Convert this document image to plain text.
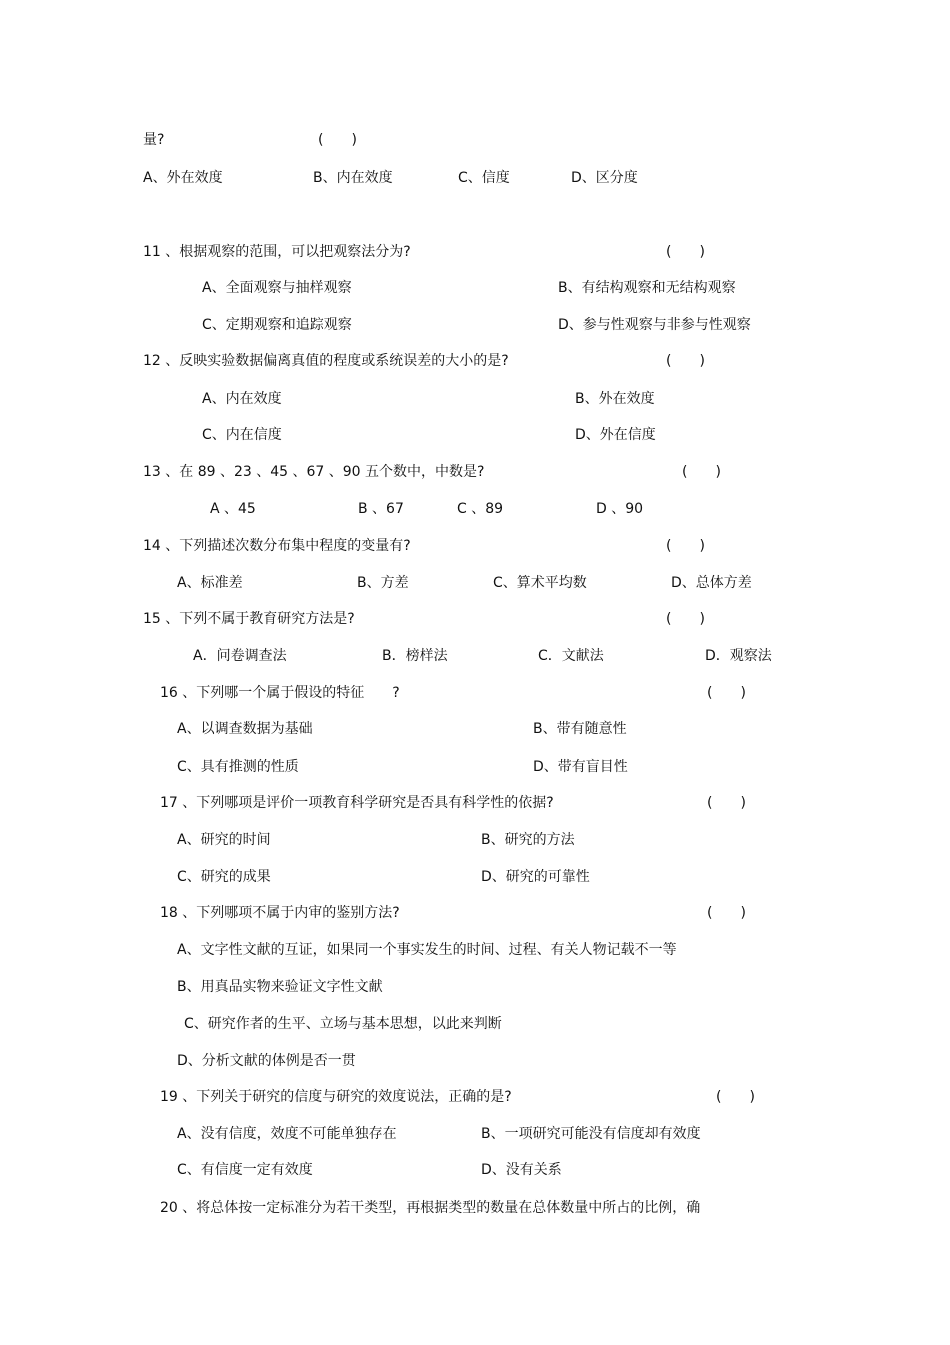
量?	(　　)
A、外在效度	B、内在效度	C、信度	D、区分度
11 、根据观察的范围，可以把观察法分为?	(　　)
A、全面观察与抽样观察	B、有结构观察和无结构观察
C、定期观察和追踪观察	D、参与性观察与非参与性观察
12 、反映实验数据偏离真值的程度或系统误差的大小的是?	(　　)
A、内在效度	B、外在效度
C、内在信度	D、外在信度
13 、在 89 、23 、45 、67 、90 五个数中，中数是?	(　　)
A 、45	B 、67	C 、89	D 、90
14 、下列描述次数分布集中程度的变量有?	(　　)
A、标准差	B、方差	C、算术平均数	D、总体方差
15 、下列不属于教育研究方法是?	(　　)
A．问卷调查法	B．榜样法	C．文献法	D．观察法
16 、下列哪一个属于假设的特征　　?	(　　)
A、以调查数据为基础	B、带有随意性
C、具有推测的性质	D、带有盲目性
17 、下列哪项是评价一项教育科学研究是否具有科学性的依据?	(　　)
A、研究的时间	B、研究的方法
C、研究的成果	D、研究的可靠性
18 、下列哪项不属于内审的鉴别方法?	(　　)
A、文字性文献的互证，如果同一个事实发生的时间、过程、有关人物记载不一等
B、用真品实物来验证文字性文献
C、研究作者的生平、立场与基本思想，以此来判断
D、分析文献的体例是否一贯
19 、下列关于研究的信度与研究的效度说法，正确的是?	(　　)
A、没有信度，效度不可能单独存在	B、一项研究可能没有信度却有效度
C、有信度一定有效度	D、没有关系
20 、将总体按一定标准分为若干类型，再根据类型的数量在总体数量中所占的比例，确
